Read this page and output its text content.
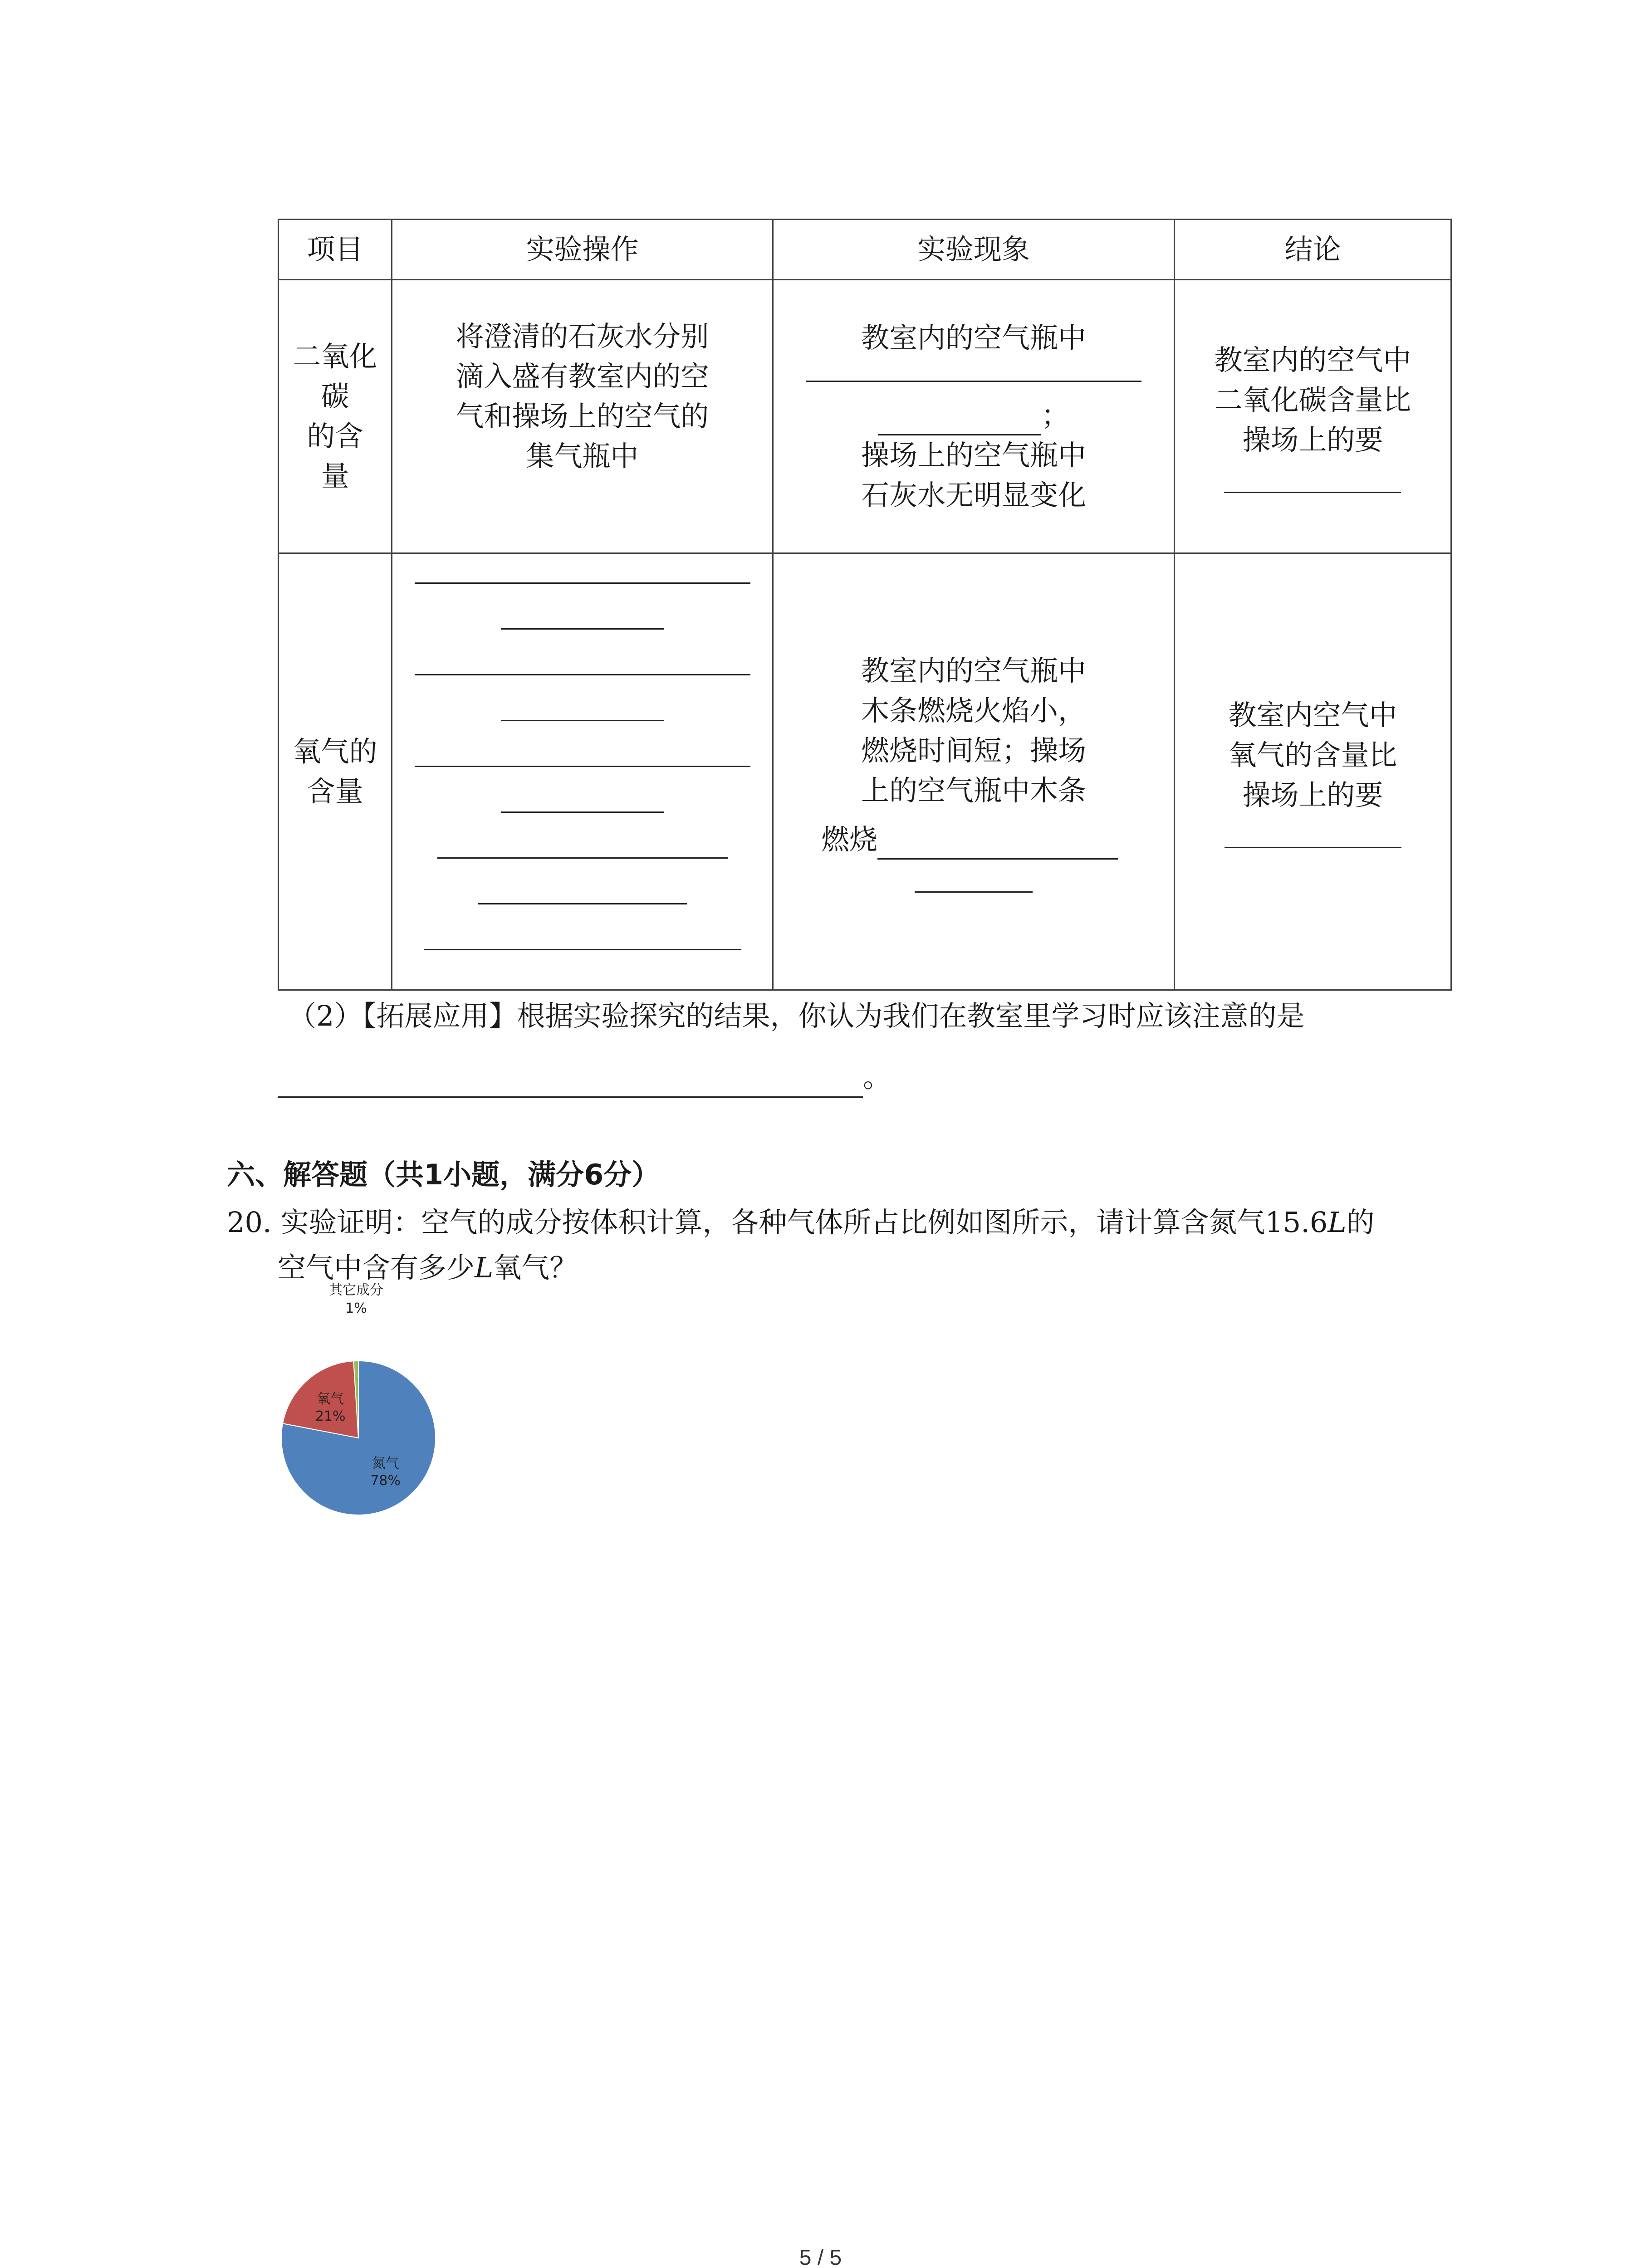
项目	实验操作	实验现象	结论

二氧化
碳
的含
量	将澄清的石灰水分别
滴入盛有教室内的空
气和操场上的空气的
集气瓶中	教室内的空气瓶中
；
操场上的空气瓶中
石灰水无明显变化	教室内的空气中
二氧化碳含量比
操场上的要

氧气的
含量		教室内的空气瓶中
木条燃烧火焰小，
燃烧时间短；操场
上的空气瓶中木条
燃烧	教室内空气中
氧气的含量比
操场上的要
（2）【拓展应用】根据实验探究的结果，你认为我们在教室里学习时应该注意的是
。
六、解答题（共1小题，满分6分）
20. 实验证明：空气的成分按体积计算，各种气体所占比例如图所示，请计算含氮气15.6L的
空气中含有多少L氧气？
氮气
78%
氧气
21%
其它成分
1%
5 / 5
